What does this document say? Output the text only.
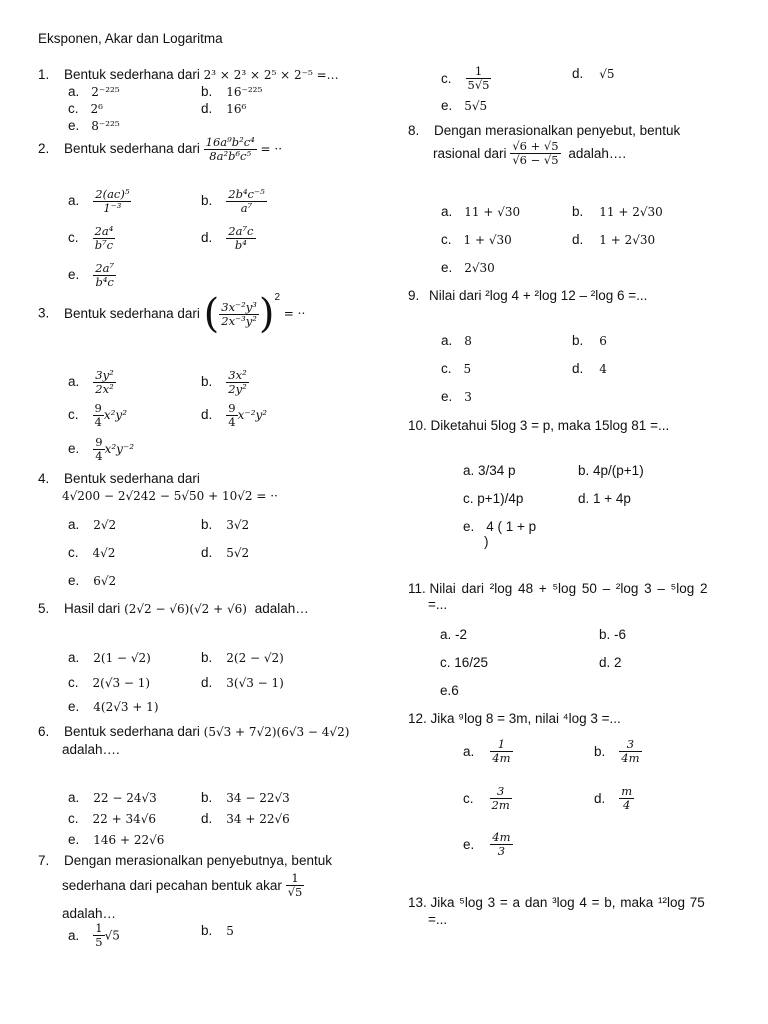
Eksponen, Akar dan Logaritma
1. Bentuk sederhana dari 2³ × 2³ × 2⁵ × 2⁻⁵ =…
a. 2⁻²²⁵	b. 16⁻²²⁵
c. 2⁶	d. 16⁶
e. 8⁻²²⁵
2. Bentuk sederhana dari $\frac{\text{16a⁹b²c⁴}}{\text{8a²b⁶c⁵}}$ = ··
a. $\frac{\text{2(ac)⁵}}{\text{1⁻³}}$	b. $\frac{\text{2b⁴c⁻⁵}}{\text{a⁷}}$
c. $\frac{\text{2a⁴}}{\text{b⁷c}}$	d. $\frac{\text{2a⁷c}}{\text{b⁴}}$
e. $\frac{\text{2a⁷}}{\text{b⁴c}}$
3. Bentuk sederhana dari ( $\frac{\text{3x⁻²y³}}{\text{2x⁻³y²}} )^2$ = ··
a. $\frac{\text{3y²}}{\text{2x²}}$	b. $\frac{\text{3x²}}{\text{2y²}}$
c. $\frac{9}{4} x^2y^2$	d. $\frac{9}{4} x^{-2}y^2$
e. $\frac{9}{4} x^2y^{-2}$
4. Bentuk sederhana dari
4√200 − 2√242 − 5√50 + 10√2 = ··
a. 2√2	b. 3√2
c. 4√2	d. 5√2
e. 6√2
5. Hasil dari (2√2 − √6)(√2 + √6) adalah…
a. 2(1 − √2)	b. 2(2 − √2)
c. 2(√3 − 1)	d. 3(√3 − 1)
e. 4(2√3 + 1)
6. Bentuk sederhana dari (5√3 + 7√2)(6√3 − 4√2)
adalah….
a. 22 − 24√3	b. 34 − 22√3
c. 22 + 34√6	d. 34 + 22√6
e. 146 + 22√6
7. Dengan merasionalkan penyebutnya, bentuk
sederhana dari pecahan bentuk akar $\frac{1}{√5}$
adalah…
a. $\frac{1}{5} √5$	b. 5
c. $\frac{1}{5√5}$	d. √5
e. 5√5
8. Dengan merasionalkan penyebut, bentuk
rasional dari $\frac{√6 + √5}{√6 - √5}$ adalah….
a. 11 + √30	b. 11 + 2√30
c. 1 + √30	d. 1 + 2√30
e. 2√30
9. Nilai dari ²log 4 + ²log 12 – ²log 6 =...
a. 8	b. 6
c. 5	d. 4
e. 3
10. Diketahui 5log 3 = p, maka 15log 81 =...
a. 3/34 p	b. 4p/(p+1)
c. p+1)/4p	d. 1 + 4p
e. 4 ( 1 + p
)
11. Nilai dari ²log 48 + ⁵log 50 – ²log 3 – ⁵log 2
=...
a. -2	b. -6
c. 16/25	d. 2
e.6
12. Jika ⁹log 8 = 3m, nilai ⁴log 3 =...
a. $\frac{1}{4m}$	b. $\frac{3}{4m}$
c. $\frac{3}{2m}$	d. $\frac{m}{4}$
e. $\frac{4m}{3}$
13. Jika ⁵log 3 = a dan ³log 4 = b, maka ¹²log 75
=...
